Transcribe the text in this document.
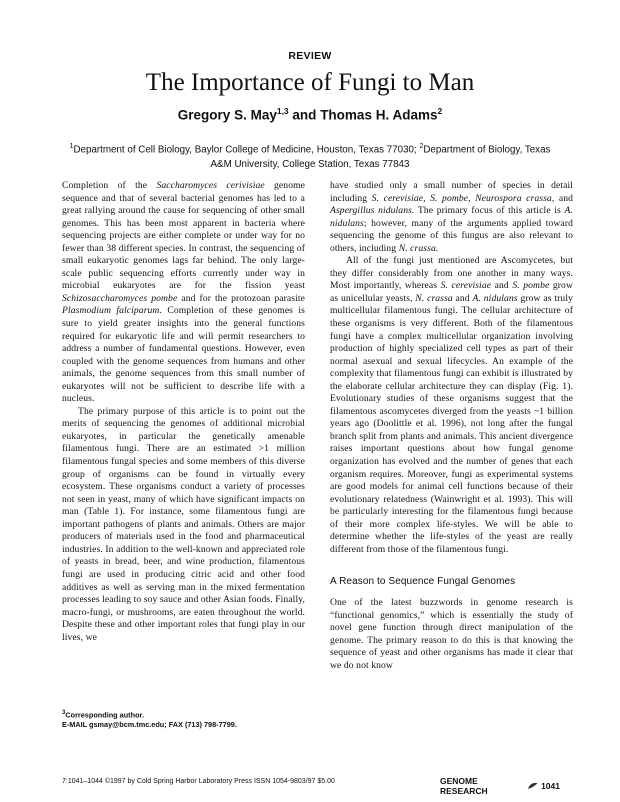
REVIEW
The Importance of Fungi to Man
Gregory S. May$^{1,3}$ and Thomas H. Adams$^2$
$^1$Department of Cell Biology, Baylor College of Medicine, Houston, Texas 77030; $^2$Department of Biology, Texas A&M University, College Station, Texas 77843

Completion of the Saccharomyces cerivisiae genome sequence and that of several bacterial genomes has led to a great rallying around the cause for sequencing of other small genomes. This has been most apparent in bacteria where sequencing projects are either complete or under way for no fewer than 38 different species. In contrast, the sequencing of small eukaryotic genomes lags far behind. The only large-scale public sequencing efforts currently under way in microbial eukaryotes are for the fission yeast Schizosaccharomyces pombe and for the protozoan parasite Plasmodium falciparum. Completion of these genomes is sure to yield greater insights into the general functions required for eukaryotic life and will permit researchers to address a number of fundamental questions. However, even coupled with the genome sequences from humans and other animals, the genome sequences from this small number of eukaryotes will not be sufficient to describe life with a nucleus.

The primary purpose of this article is to point out the merits of sequencing the genomes of additional microbial eukaryotes, in particular the genetically amenable filamentous fungi. There are an estimated >1 million filamentous fungal species and some members of this diverse group of organisms can be found in virtually every ecosystem. These organisms conduct a variety of processes not seen in yeast, many of which have significant impacts on man (Table 1). For instance, some filamentous fungi are important pathogens of plants and animals. Others are major producers of materials used in the food and pharmaceutical industries. In addition to the well-known and appreciated role of yeasts in bread, beer, and wine production, filamentous fungi are used in producing citric acid and other food additives as well as serving man in the mixed fermentation processes leading to soy sauce and other Asian foods. Finally, macro-fungi, or mushrooms, are eaten throughout the world. Despite these and other important roles that fungi play in our lives, we

have studied only a small number of species in detail including S. cerevisiae, S. pombe, Neurospora crassa, and Aspergillus nidulans. The primary focus of this article is A. nidulans; however, many of the arguments applied toward sequencing the genome of this fungus are also relevant to others, including N. crassa.

All of the fungi just mentioned are Ascomycetes, but they differ considerably from one another in many ways. Most importantly, whereas S. cerevisiae and S. pombe grow as unicellular yeasts, N. crassa and A. nidulans grow as truly multicellular filamentous fungi. The cellular architecture of these organisms is very different. Both of the filamentous fungi have a complex multicellular organization involving production of highly specialized cell types as part of their normal asexual and sexual lifecycles. An example of the complexity that filamentous fungi can exhibit is illustrated by the elaborate cellular architecture they can display (Fig. 1). Evolutionary studies of these organisms suggest that the filamentous ascomycetes diverged from the yeasts ~1 billion years ago (Doolittle et al. 1996), not long after the fungal branch split from plants and animals. This ancient divergence raises important questions about how fungal genome organization has evolved and the number of genes that each organism requires. Moreover, fungi as experimental systems are good models for animal cell functions because of their evolutionary relatedness (Wainwright et al. 1993). This will be particularly interesting for the filamentous fungi because of their more complex life-styles. We will be able to determine whether the life-styles of the yeast are really different from those of the filamentous fungi.

A Reason to Sequence Fungal Genomes

One of the latest buzzwords in genome research is “functional genomics,” which is essentially the study of novel gene function through direct manipulation of the genome. The primary reason to do this is that knowing the sequence of yeast and other organisms has made it clear that we do not know

$^3$Corresponding author.
E-MAIL gsmay@bcm.tmc.edu; FAX (713) 798-7799.
7:1041–1044 ©1997 by Cold Spring Harbor Laboratory Press ISSN 1054-9803/97 $5.00	GENOME RESEARCH	1041
